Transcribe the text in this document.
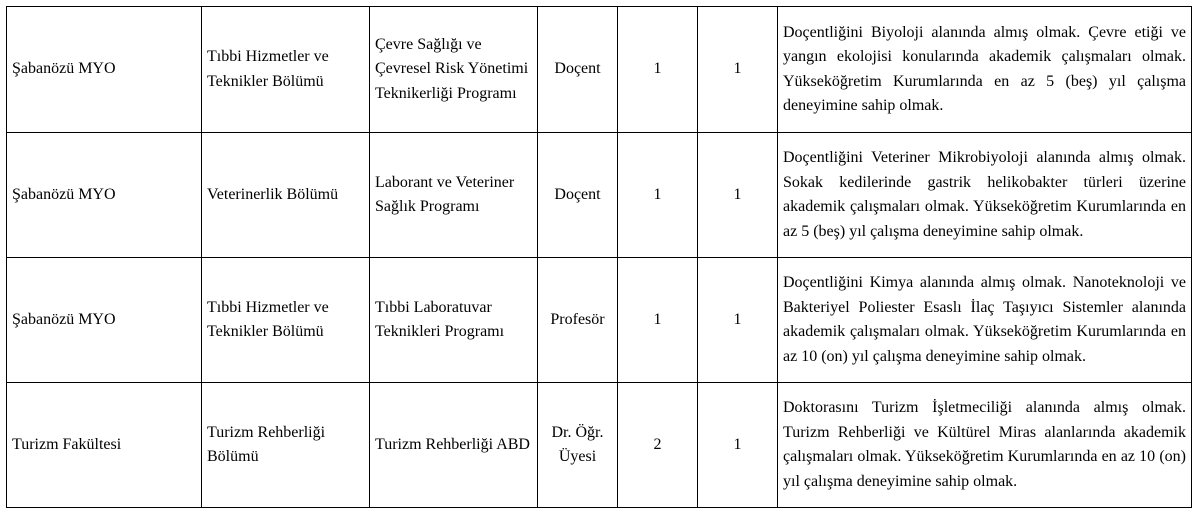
Şabanözü MYO	Tıbbi Hizmetler ve Teknikler Bölümü	Çevre Sağlığı ve Çevresel Risk Yönetimi Teknikerliği Programı	Doçent	1	1	Doçentliğini Biyoloji alanında almış olmak. Çevre etiği ve yangın ekolojisi konularında akademik çalışmaları olmak. Yükseköğretim Kurumlarında en az 5 (beş) yıl çalışma deneyimine sahip olmak.

Şabanözü MYO	Veterinerlik Bölümü	Laborant ve Veteriner Sağlık Programı	Doçent	1	1	Doçentliğini Veteriner Mikrobiyoloji alanında almış olmak. Sokak kedilerinde gastrik helikobakter türleri üzerine akademik çalışmaları olmak. Yükseköğretim Kurumlarında en az 5 (beş) yıl çalışma deneyimine sahip olmak.

Şabanözü MYO	Tıbbi Hizmetler ve Teknikler Bölümü	Tıbbi Laboratuvar Teknikleri Programı	Profesör	1	1	Doçentliğini Kimya alanında almış olmak. Nanoteknoloji ve Bakteriyel Poliester Esaslı İlaç Taşıyıcı Sistemler alanında akademik çalışmaları olmak. Yükseköğretim Kurumlarında en az 10 (on) yıl çalışma deneyimine sahip olmak.

Turizm Fakültesi	Turizm Rehberliği Bölümü	Turizm Rehberliği ABD	Dr. Öğr. Üyesi	2	1	Doktorasını Turizm İşletmeciliği alanında almış olmak. Turizm Rehberliği ve Kültürel Miras alanlarında akademik çalışmaları olmak. Yükseköğretim Kurumlarında en az 10 (on) yıl çalışma deneyimine sahip olmak.
